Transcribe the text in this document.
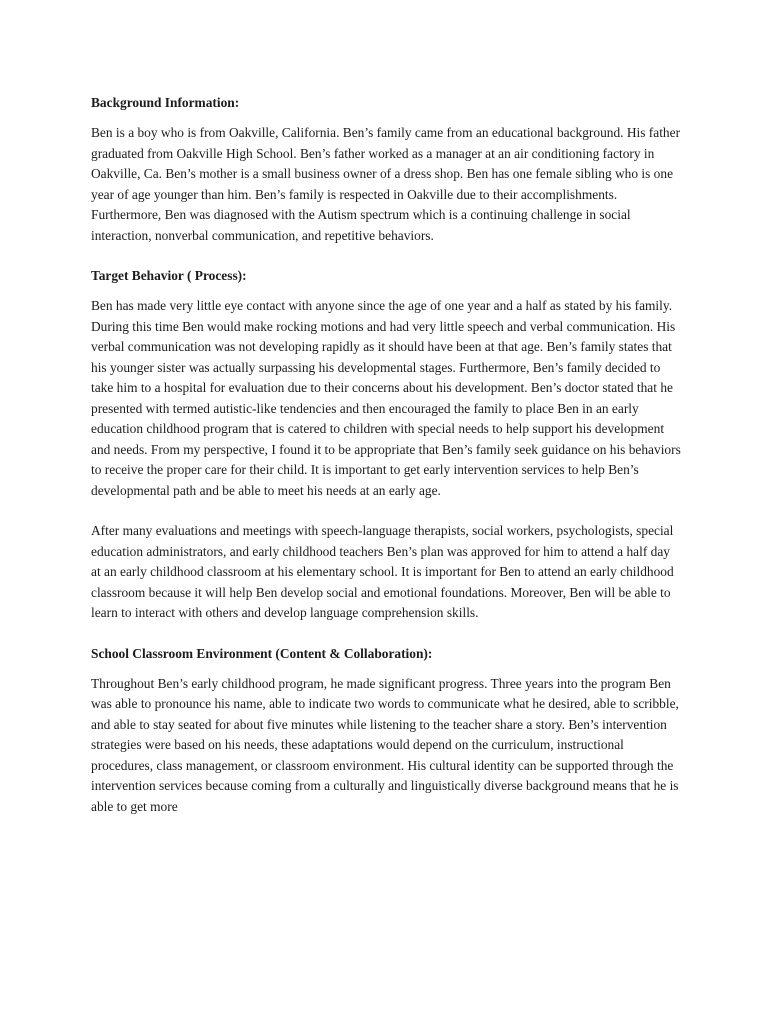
Background Information:

Ben is a boy who is from Oakville, California. Ben’s family came from an educational background. His father graduated from Oakville High School. Ben’s father worked as a manager at an air conditioning factory in Oakville, Ca. Ben’s mother is a small business owner of a dress shop. Ben has one female sibling who is one year of age younger than him. Ben’s family is respected in Oakville due to their accomplishments. Furthermore, Ben was diagnosed with the Autism spectrum which is a continuing challenge in social interaction, nonverbal communication, and repetitive behaviors.

Target Behavior ( Process):

Ben has made very little eye contact with anyone since the age of one year and a half as stated by his family. During this time Ben would make rocking motions and had very little speech and verbal communication. His verbal communication was not developing rapidly as it should have been at that age. Ben’s family states that his younger sister was actually surpassing his developmental stages. Furthermore, Ben’s family decided to take him to a hospital for evaluation due to their concerns about his development. Ben’s doctor stated that he presented with termed autistic-like tendencies and then encouraged the family to place Ben in an early education childhood program that is catered to children with special needs to help support his development and needs. From my perspective, I found it to be appropriate that Ben’s family seek guidance on his behaviors to receive the proper care for their child. It is important to get early intervention services to help Ben’s developmental path and be able to meet his needs at an early age.

After many evaluations and meetings with speech-language therapists, social workers, psychologists, special education administrators, and early childhood teachers Ben’s plan was approved for him to attend a half day at an early childhood classroom at his elementary school. It is important for Ben to attend an early childhood classroom because it will help Ben develop social and emotional foundations. Moreover, Ben will be able to learn to interact with others and develop language comprehension skills.

School Classroom Environment (Content & Collaboration):

Throughout Ben’s early childhood program, he made significant progress. Three years into the program Ben was able to pronounce his name, able to indicate two words to communicate what he desired, able to scribble, and able to stay seated for about five minutes while listening to the teacher share a story. Ben’s intervention strategies were based on his needs, these adaptations would depend on the curriculum, instructional procedures, class management, or classroom environment. His cultural identity can be supported through the intervention services because coming from a culturally and linguistically diverse background means that he is able to get more
